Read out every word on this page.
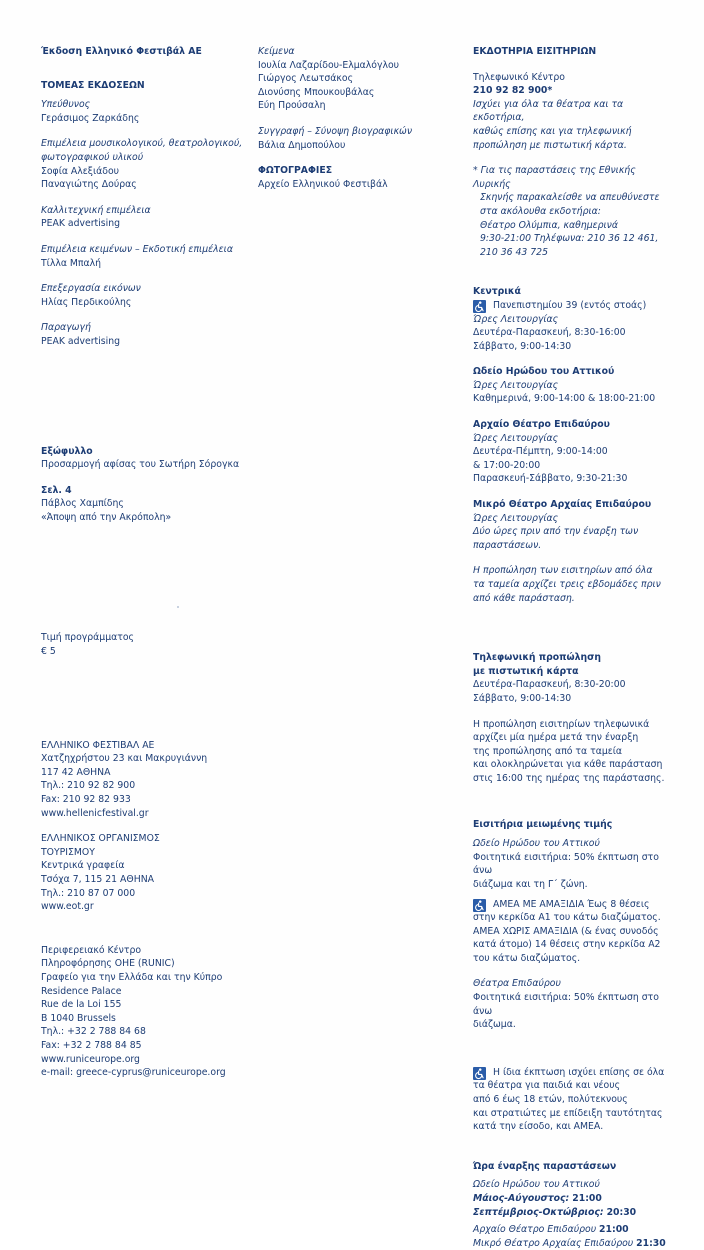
Έκδοση Ελληνικό Φεστιβάλ ΑΕ

ΤΟΜΕΑΣ ΕΚΔΟΣΕΩΝ

Υπεύθυνος

Γεράσιμος Ζαρκάδης

Επιμέλεια μουσικολογικού, θεατρολογικού,

φωτογραφικού υλικού

Σοφία Αλεξιάδου

Παναγιώτης Δούρας

Καλλιτεχνική επιμέλεια

PEAK advertising

Επιμέλεια κειμένων – Εκδοτική επιμέλεια

Τίλλα Μπαλή

Επεξεργασία εικόνων

Ηλίας Περδικούλης

Παραγωγή

PEAK advertising

Εξώφυλλο

Προσαρμογή αφίσας του Σωτήρη Σόρογκα

Σελ. 4

Πάβλος Χαμπίδης

«Άποψη από την Ακρόπολη»

Τιμή προγράμματος

€ 5

ΕΛΛΗΝΙΚΟ ΦΕΣΤΙΒΑΛ ΑΕ

Χατζηχρήστου 23 και Μακρυγιάννη

117 42 ΑΘΗΝΑ

Τηλ.: 210 92 82 900

Fax: 210 92 82 933

www.hellenicfestival.gr

ΕΛΛΗΝΙΚΟΣ ΟΡΓΑΝΙΣΜΟΣ

ΤΟΥΡΙΣΜΟΥ

Κεντρικά γραφεία

Τσόχα 7, 115 21 ΑΘΗΝΑ

Τηλ.: 210 87 07 000

www.eot.gr

Περιφερειακό Κέντρο

Πληροφόρησης ΟΗΕ (RUNIC)

Γραφείο για την Ελλάδα και την Κύπρο

Residence Palace

Rue de la Loi 155

B 1040 Brussels

Τηλ.: +32 2 788 84 68

Fax: +32 2 788 84 85

www.runiceurope.org

e-mail: greece-cyprus@runiceurope.org

Κείμενα

Ιουλία Λαζαρίδου-Ελμαλόγλου

Γιώργος Λεωτσάκος

Διονύσης Μπουκουβάλας

Εύη Προύσαλη

Συγγραφή – Σύνοψη βιογραφικών

Βάλια Δημοπούλου

ΦΩΤΟΓΡΑΦΙΕΣ

Αρχείο Ελληνικού Φεστιβάλ

ΕΚΔΟΤΗΡΙΑ ΕΙΣΙΤΗΡΙΩΝ

Τηλεφωνικό Κέντρο

210 92 82 900*

Ισχύει για όλα τα θέατρα και τα εκδοτήρια,

καθώς επίσης και για τηλεφωνική

προπώληση με πιστωτική κάρτα.

* Για τις παραστάσεις της Εθνικής Λυρικής

Σκηνής παρακαλείσθε να απευθύνεστε

στα ακόλουθα εκδοτήρια:

Θέατρο Ολύμπια, καθημερινά

9:30-21:00 Τηλέφωνα: 210 36 12 461,

210 36 43 725

Κεντρικά

Πανεπιστημίου 39 (εντός στοάς)

Ώρες Λειτουργίας

Δευτέρα-Παρασκευή, 8:30-16:00

Σάββατο, 9:00-14:30

Ωδείο Ηρώδου του Αττικού

Ώρες Λειτουργίας

Καθημερινά, 9:00-14:00 & 18:00-21:00

Αρχαίο Θέατρο Επιδαύρου

Ώρες Λειτουργίας

Δευτέρα-Πέμπτη, 9:00-14:00

& 17:00-20:00

Παρασκευή-Σάββατο, 9:30-21:30

Μικρό Θέατρο Αρχαίας Επιδαύρου

Ώρες Λειτουργίας

Δύο ώρες πριν από την έναρξη των

παραστάσεων.

Η προπώληση των εισιτηρίων από όλα

τα ταμεία αρχίζει τρεις εβδομάδες πριν

από κάθε παράσταση.

Τηλεφωνική προπώληση

με πιστωτική κάρτα

Δευτέρα-Παρασκευή, 8:30-20:00

Σάββατο, 9:00-14:30

Η προπώληση εισιτηρίων τηλεφωνικά

αρχίζει μία ημέρα μετά την έναρξη

της προπώλησης από τα ταμεία

και ολοκληρώνεται για κάθε παράσταση

στις 16:00 της ημέρας της παράστασης.

Εισιτήρια μειωμένης τιμής

Ωδείο Ηρώδου του Αττικού

Φοιτητικά εισιτήρια: 50% έκπτωση στο άνω

διάζωμα και τη Γ΄ ζώνη.

ΑΜΕΑ ΜΕ ΑΜΑΞΙΔΙΑ Έως 8 θέσεις

στην κερκίδα Α1 του κάτω διαζώματος.

ΑΜΕΑ ΧΩΡΙΣ ΑΜΑΞΙΔΙΑ (& ένας συνοδός

κατά άτομο) 14 θέσεις στην κερκίδα Α2

του κάτω διαζώματος.

Θέατρα Επιδαύρου

Φοιτητικά εισιτήρια: 50% έκπτωση στο άνω

διάζωμα.

Η ίδια έκπτωση ισχύει επίσης σε όλα

τα θέατρα για παιδιά και νέους

από 6 έως 18 ετών, πολύτεκνους

και στρατιώτες με επίδειξη ταυτότητας

κατά την είσοδο, και ΑΜΕΑ.

Ώρα έναρξης παραστάσεων

Ωδείο Ηρώδου του Αττικού

Μάιος-Αύγουστος: 21:00

Σεπτέμβριος-Οκτώβριος: 20:30

Αρχαίο Θέατρο Επιδαύρου 21:00

Μικρό Θέατρο Αρχαίας Επιδαύρου 21:30
